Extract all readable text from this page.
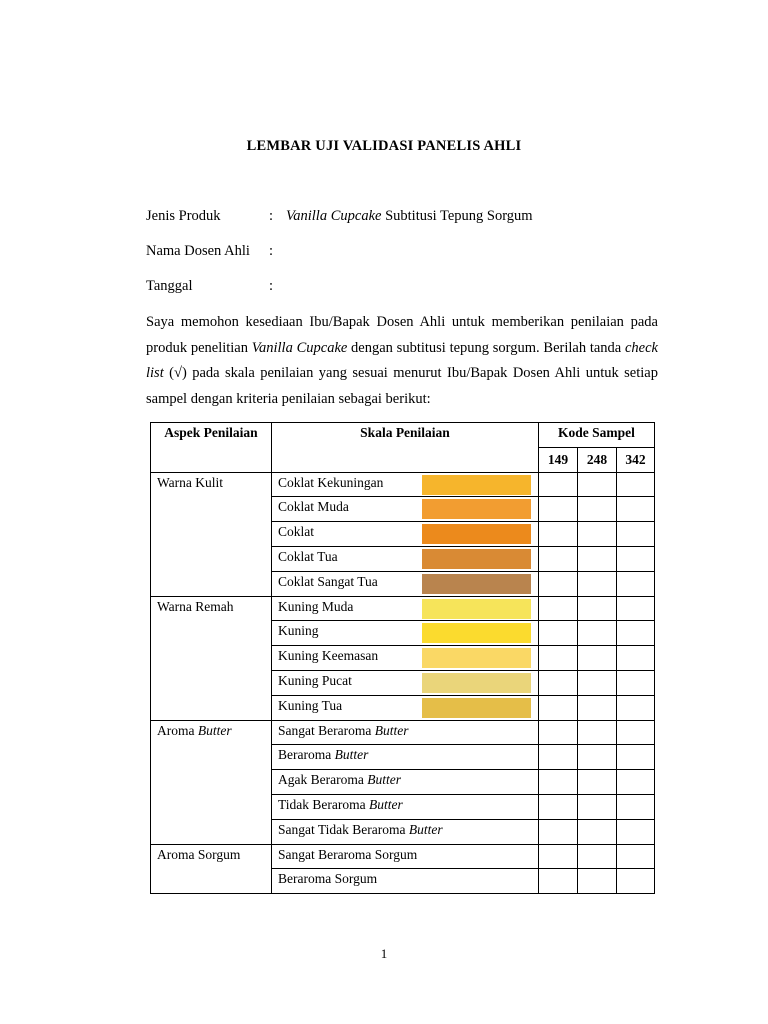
LEMBAR UJI VALIDASI PANELIS AHLI
Jenis Produk	: Vanilla Cupcake Subtitusi Tepung Sorgum
Nama Dosen Ahli :
Tanggal	:

Saya memohon kesediaan Ibu/Bapak Dosen Ahli untuk memberikan penilaian pada produk penelitian Vanilla Cupcake dengan subtitusi tepung sorgum. Berilah tanda check list (√) pada skala penilaian yang sesuai menurut Ibu/Bapak Dosen Ahli untuk setiap sampel dengan kriteria penilaian sebagai berikut:

Aspek Penilaian	Skala Penilaian	Kode Sampel		
		149	248	342
Warna Kulit	Coklat Kekuningan

	Coklat Muda

	Coklat

	Coklat Tua

	Coklat Sangat Tua

Warna Remah	Kuning Muda

	Kuning

	Kuning Keemasan

	Kuning Pucat

	Kuning Tua

Aroma Butter	Sangat Beraroma Butter			
	Beraroma Butter			
	Agak Beraroma Butter			
	Tidak Beraroma Butter			
	Sangat Tidak Beraroma Butter			
Aroma Sorgum	Sangat Beraroma Sorgum			
	Beraroma Sorgum			
1
